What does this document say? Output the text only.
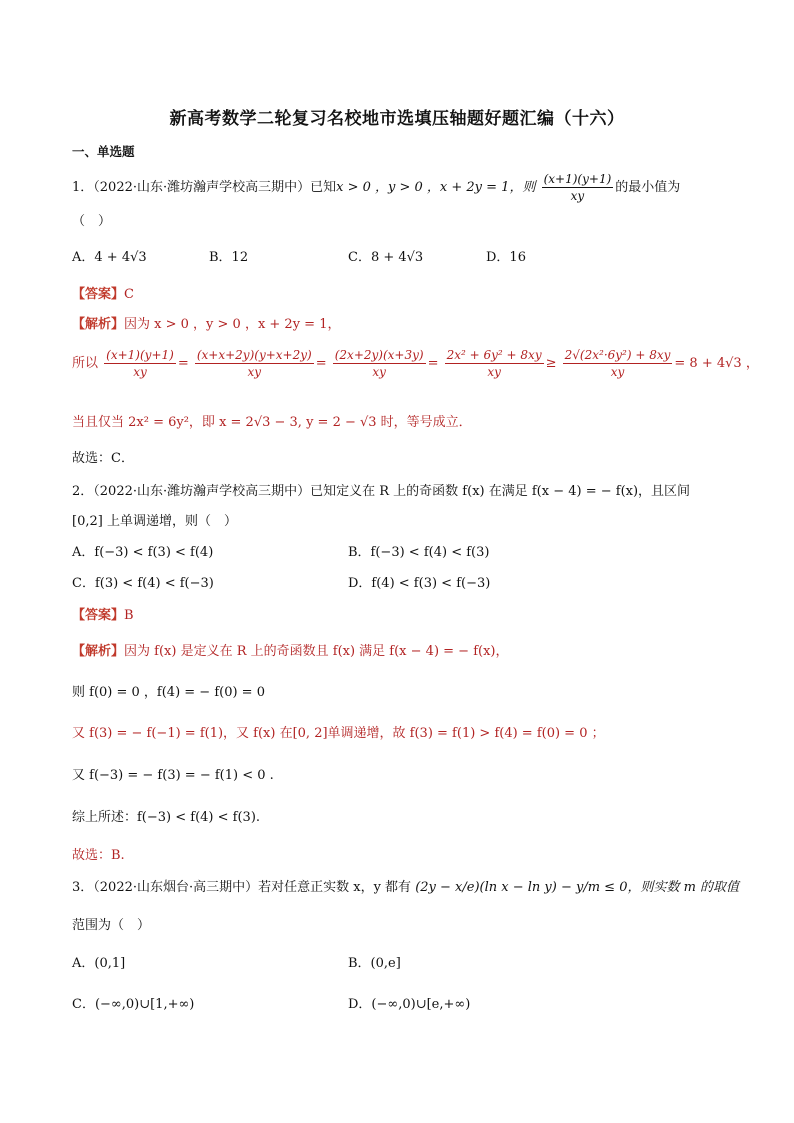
新高考数学二轮复习名校地市选填压轴题好题汇编（十六）
一、单选题
1．（2022·山东·潍坊瀚声学校高三期中）已知x > 0 ，y > 0 ，x + 2y = 1，则 $\frac{(x+1)(y+1)}{xy}$ 的最小值为
（　）
A．4 + 4√3	B．12	C．8 + 4√3	D．16
【答案】C
【解析】因为 x > 0 ，y > 0 ，x + 2y = 1，
所以 $\frac{(x+1)(y+1)}{xy} = \frac{(x+x+2y)(y+x+2y)}{xy} = \frac{(2x+2y)(x+3y)}{xy} = \frac{\text{2x² + 6y² + 8xy}}{xy} \ge \frac{\text{2√(2x²·6y²) + 8xy}}{xy} = 8 + 4√3$ ，
当且仅当 2x² = 6y²，即 x = 2√3 − 3, y = 2 − √3 时，等号成立．
故选：C．
2．（2022·山东·潍坊瀚声学校高三期中）已知定义在 R 上的奇函数 f(x) 在满足 f(x − 4) = − f(x)，且区间
[0,2] 上单调递增，则（　）
A．f(−3) < f(3) < f(4)	B．f(−3) < f(4) < f(3)
C．f(3) < f(4) < f(−3)	D．f(4) < f(3) < f(−3)
【答案】B
【解析】因为 f(x) 是定义在 R 上的奇函数且 f(x) 满足 f(x − 4) = − f(x)，
则 f(0) = 0 ，f(4) = − f(0) = 0
又 f(3) = − f(−1) = f(1)，又 f(x) 在[0, 2]单调递增，故 f(3) = f(1) > f(4) = f(0) = 0 ；
又 f(−3) = − f(3) = − f(1) < 0 .
综上所述：f(−3) < f(4) < f(3).
故选：B.
3．（2022·山东烟台·高三期中）若对任意正实数 x，y 都有 (2y − x/e)(ln x − ln y) − y/m ≤ 0，则实数 m 的取值
范围为（　）
A．(0,1]	B．(0,e]
C．(−∞,0)∪[1,+∞)	D．(−∞,0)∪[e,+∞)
